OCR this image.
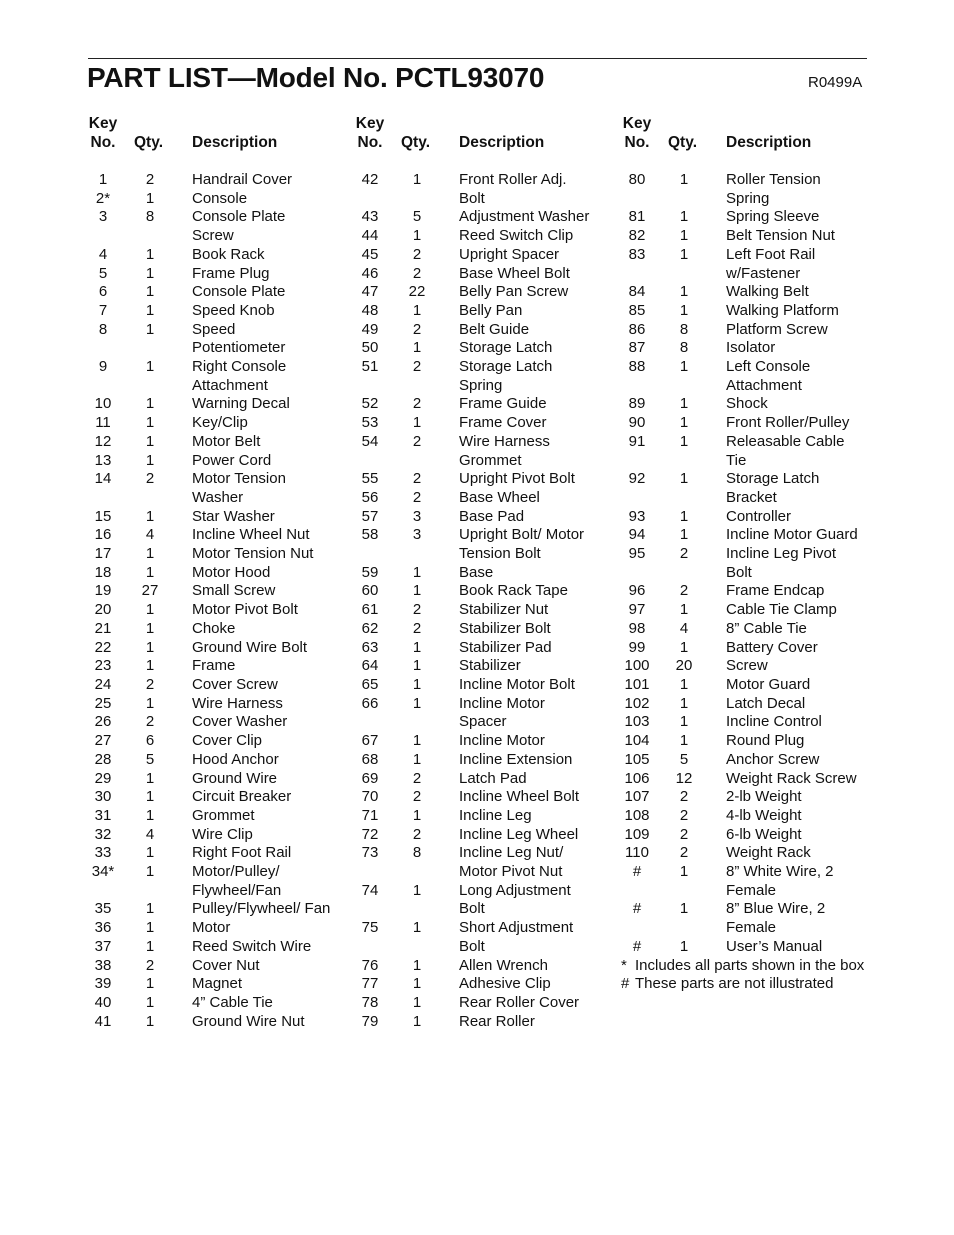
PART LIST—Model No. PCTL93070	R0499A
Key
No. Qty. Description
1	2	Handrail Cover
2*	1	Console
3	8	Console Plate
Screw
4	1	Book Rack
5	1	Frame Plug
6	1	Console Plate
7	1	Speed Knob
8	1	Speed
Potentiometer
9	1	Right Console
Attachment
10	1	Warning Decal
11	1	Key/Clip
12	1	Motor Belt
13	1	Power Cord
14	2	Motor Tension
Washer
15	1	Star Washer
16	4	Incline Wheel Nut
17	1	Motor Tension Nut
18	1	Motor Hood
19	27	Small Screw
20	1	Motor Pivot Bolt
21	1	Choke
22	1	Ground Wire Bolt
23	1	Frame
24	2	Cover Screw
25	1	Wire Harness
26	2	Cover Washer
27	6	Cover Clip
28	5	Hood Anchor
29	1	Ground Wire
30	1	Circuit Breaker
31	1	Grommet
32	4	Wire Clip
33	1	Right Foot Rail
34*	1	Motor/Pulley/
Flywheel/Fan
35	1	Pulley/Flywheel/ Fan
36	1	Motor
37	1	Reed Switch Wire
38	2	Cover Nut
39	1	Magnet
40	1	4” Cable Tie
41	1	Ground Wire Nut
Key
No. Qty. Description
42	1	Front Roller Adj.
Bolt
43	5	Adjustment Washer
44	1	Reed Switch Clip
45	2	Upright Spacer
46	2	Base Wheel Bolt
47	22	Belly Pan Screw
48	1	Belly Pan
49	2	Belt Guide
50	1	Storage Latch
51	2	Storage Latch
Spring
52	2	Frame Guide
53	1	Frame Cover
54	2	Wire Harness
Grommet
55	2	Upright Pivot Bolt
56	2	Base Wheel
57	3	Base Pad
58	3	Upright Bolt/ Motor
Tension Bolt
59	1	Base
60	1	Book Rack Tape
61	2	Stabilizer Nut
62	2	Stabilizer Bolt
63	1	Stabilizer Pad
64	1	Stabilizer
65	1	Incline Motor Bolt
66	1	Incline Motor
Spacer
67	1	Incline Motor
68	1	Incline Extension
69	2	Latch Pad
70	2	Incline Wheel Bolt
71	1	Incline Leg
72	2	Incline Leg Wheel
73	8	Incline Leg Nut/
Motor Pivot Nut
74	1	Long Adjustment
Bolt
75	1	Short Adjustment
Bolt
76	1	Allen Wrench
77	1	Adhesive Clip
78	1	Rear Roller Cover
79	1	Rear Roller
Key
No. Qty. Description
80	1	Roller Tension
Spring
81	1	Spring Sleeve
82	1	Belt Tension Nut
83	1	Left Foot Rail
w/Fastener
84	1	Walking Belt
85	1	Walking Platform
86	8	Platform Screw
87	8	Isolator
88	1	Left Console
Attachment
89	1	Shock
90	1	Front Roller/Pulley
91	1	Releasable Cable
Tie
92	1	Storage Latch
Bracket
93	1	Controller
94	1	Incline Motor Guard
95	2	Incline Leg Pivot
Bolt
96	2	Frame Endcap
97	1	Cable Tie Clamp
98	4	8” Cable Tie
99	1	Battery Cover
100	20	Screw
101	1	Motor Guard
102	1	Latch Decal
103	1	Incline Control
104	1	Round Plug
105	5	Anchor Screw
106	12	Weight Rack Screw
107	2	2-lb Weight
108	2	4-lb Weight
109	2	6-lb Weight
110	2	Weight Rack
#	1	8” White Wire, 2
Female
#	1	8” Blue Wire, 2
Female
#	1	User’s Manual
* Includes all parts shown in the box
# These parts are not illustrated
